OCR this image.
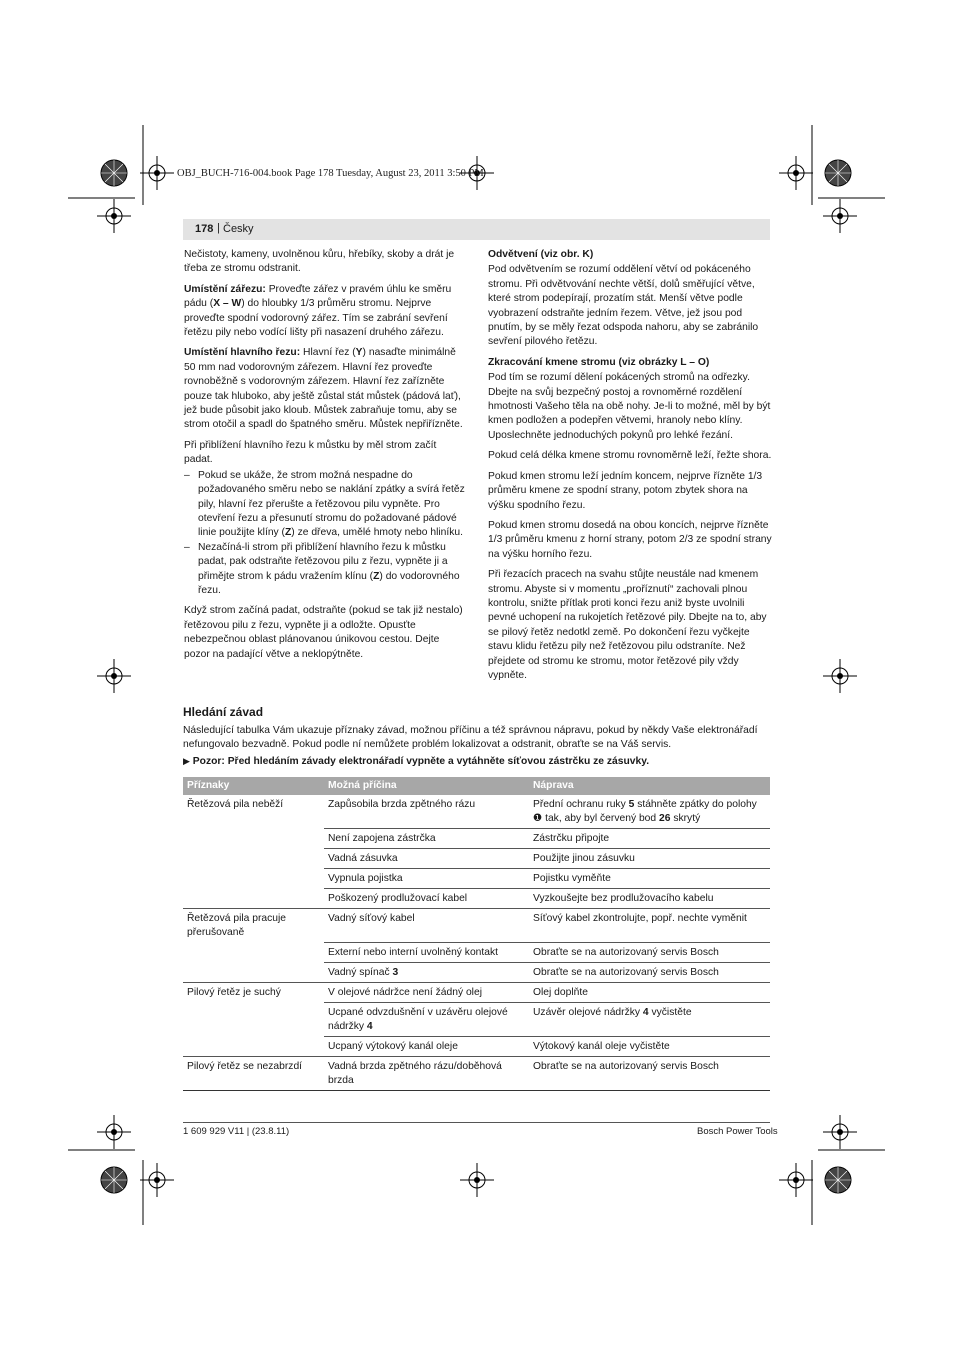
OBJ_BUCH-716-004.book Page 178 Tuesday, August 23, 2011 3:50 PM
178 | Česky

Nečistoty, kameny, uvolněnou kůru, hřebíky, skoby a drát je třeba ze stromu odstranit.

Umístění zářezu: Proveďte zářez v pravém úhlu ke směru pádu (X – W) do hloubky 1/3 průměru stromu. Nejprve proveďte spodní vodorovný zářez. Tím se zabrání sevření řetězu pily nebo vodící lišty při nasazení druhého zářezu.

Umístění hlavního řezu: Hlavní řez (Y) nasaďte minimálně 50 mm nad vodorovným zářezem. Hlavní řez proveďte rovnoběžně s vodorovným zářezem. Hlavní řez zařízněte pouze tak hluboko, aby ještě zůstal stát můstek (pádová lať), jež bude působit jako kloub. Můstek zabraňuje tomu, aby se strom otočil a spadl do špatného směru. Můstek nepřiřízněte.

Při přiblížení hlavního řezu k můstku by měl strom začít padat.

– Pokud se ukáže, že strom možná nespadne do požadovaného směru nebo se naklání zpátky a svírá řetěz pily, hlavní řez přerušte a řetězovou pilu vypněte. Pro otevření řezu a přesunutí stromu do požadované pádové linie použijte klíny (Z) ze dřeva, umělé hmoty nebo hliníku.
– Nezačíná-li strom při přiblížení hlavního řezu k můstku padat, pak odstraňte řetězovou pilu z řezu, vypněte ji a přimějte strom k pádu vražením klínu (Z) do vodorovného řezu.

Když strom začíná padat, odstraňte (pokud se tak již nestalo) řetězovou pilu z řezu, vypněte ji a odložte. Opusťte nebezpečnou oblast plánovanou únikovou cestou. Dejte pozor na padající větve a neklopýtněte.

Odvětvení (viz obr. K)

Pod odvětvením se rozumí oddělení větví od pokáceného stromu. Při odvětvování nechte větší, dolů směřující větve, které strom podepírají, prozatím stát. Menší větve podle vyobrazení odstraňte jedním řezem. Větve, jež jsou pod pnutím, by se měly řezat odspoda nahoru, aby se zabránilo sevření pilového řetězu.

Zkracování kmene stromu (viz obrázky L – O)

Pod tím se rozumí dělení pokácených stromů na odřezky. Dbejte na svůj bezpečný postoj a rovnoměrné rozdělení hmotnosti Vašeho těla na obě nohy. Je-li to možné, měl by být kmen podložen a podepřen větvemi, hranoly nebo klíny. Uposlechněte jednoduchých pokynů pro lehké řezání.

Pokud celá délka kmene stromu rovnoměrně leží, řežte shora.

Pokud kmen stromu leží jedním koncem, nejprve řízněte 1/3 průměru kmene ze spodní strany, potom zbytek shora na výšku spodního řezu.

Pokud kmen stromu dosedá na obou koncích, nejprve řízněte 1/3 průměru kmenu z horní strany, potom 2/3 ze spodní strany na výšku horního řezu.

Při řezacích pracech na svahu stůjte neustále nad kmenem stromu. Abyste si v momentu „proříznutí“ zachovali plnou kontrolu, snižte přítlak proti konci řezu aniž byste uvolnili pevné uchopení na rukojetích řetězové pily. Dbejte na to, aby se pilový řetěz nedotkl země. Po dokončení řezu vyčkejte stavu klidu řetězu pily než řetězovou pilu odstraníte. Než přejdete od stromu ke stromu, motor řetězové pily vždy vypněte.

Hledání závad
Následující tabulka Vám ukazuje příznaky závad, možnou příčinu a též správnou nápravu, pokud by někdy Vaše elektronářadí nefungovalo bezvadně. Pokud podle ní nemůžete problém lokalizovat a odstranit, obraťte se na Váš servis.
▶ Pozor: Před hledáním závady elektronářadí vypněte a vytáhněte síťovou zástrčku ze zásuvky.
Příznaky	Možná příčina	Náprava
Řetězová pila neběží	Zapůsobila brzda zpětného rázu	Přední ochranu ruky 5 stáhněte zpátky do polohy ❶ tak, aby byl červený bod 26 skrytý
	Není zapojena zástrčka	Zástrčku připojte
	Vadná zásuvka	Použijte jinou zásuvku
	Vypnula pojistka	Pojistku vyměňte
	Poškozený prodlužovací kabel	Vyzkoušejte bez prodlužovacího kabelu
Řetězová pila pracuje přerušovaně	Vadný síťový kabel	Síťový kabel zkontrolujte, popř. nechte vyměnit
	Externí nebo interní uvolněný kontakt	Obraťte se na autorizovaný servis Bosch
	Vadný spínač 3	Obraťte se na autorizovaný servis Bosch
Pilový řetěz je suchý	V olejové nádržce není žádný olej	Olej doplňte
	Ucpané odvzdušnění v uzávěru olejové nádržky 4	Uzávěr olejové nádržky 4 vyčistěte
	Ucpaný výtokový kanál oleje	Výtokový kanál oleje vyčistěte
Pilový řetěz se nezabrzdí	Vadná brzda zpětného rázu/doběhová brzda	Obraťte se na autorizovaný servis Bosch
1 609 929 V11 | (23.8.11)	Bosch Power Tools
